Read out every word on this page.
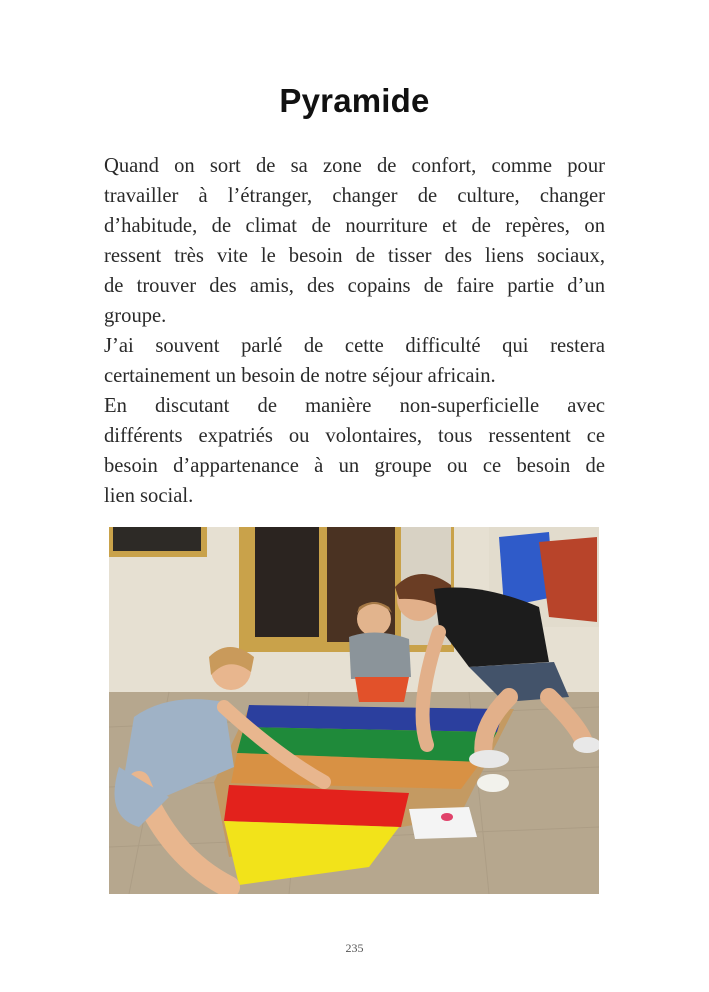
Pyramide
Quand on sort de sa zone de confort, comme pour
travailler à l’étranger, changer de culture, changer
d’habitude, de climat de nourriture et de repères, on
ressent très vite le besoin de tisser des liens sociaux,
de trouver des amis, des copains de faire partie d’un
groupe.
J’ai souvent parlé de cette difficulté qui restera
certainement un besoin de notre séjour africain.
En discutant de manière non-superficielle avec
différents expatriés ou volontaires, tous ressentent ce
besoin d’appartenance à un groupe ou ce besoin de
lien social.
235
